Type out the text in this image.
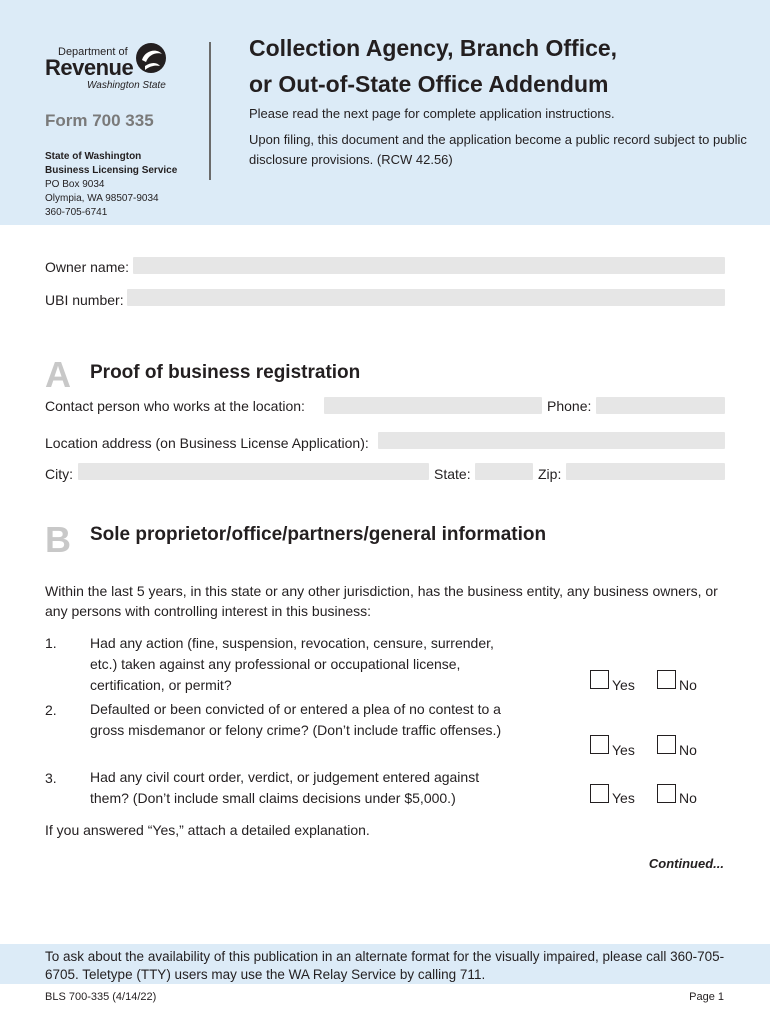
Department of
Revenue
Washington State
Form 700 335
State of Washington
Business Licensing Service
PO Box 9034
Olympia, WA 98507-9034
360-705-6741
Collection Agency, Branch Office,
or Out-of-State Office Addendum

Please read the next page for complete application instructions.

Upon filing, this document and the application become a public record subject to public disclosure provisions. (RCW 42.56)

Owner name:
UBI number:
A Proof of business registration
Contact person who works at the location:	Phone:
Location address (on Business License Application):
City:	State:	Zip:
B Sole proprietor/office/partners/general information
Within the last 5 years, in this state or any other jurisdiction, has the business entity, any business owners, or any persons with controlling interest in this business:
1. Had any action (fine, suspension, revocation, censure, surrender, etc.) taken against any professional or occupational license, certification, or permit?	Yes	No
2. Defaulted or been convicted of or entered a plea of no contest to a gross misdemanor or felony crime? (Don’t include traffic offenses.)
Yes	No
3. Had any civil court order, verdict, or judgement entered against them? (Don’t include small claims decisions under $5,000.)	Yes	No
If you answered “Yes,” attach a detailed explanation.
Continued...
To ask about the availability of this publication in an alternate format for the visually impaired, please call 360-705-6705. Teletype (TTY) users may use the WA Relay Service by calling 711.
BLS 700-335 (4/14/22)	Page 1
